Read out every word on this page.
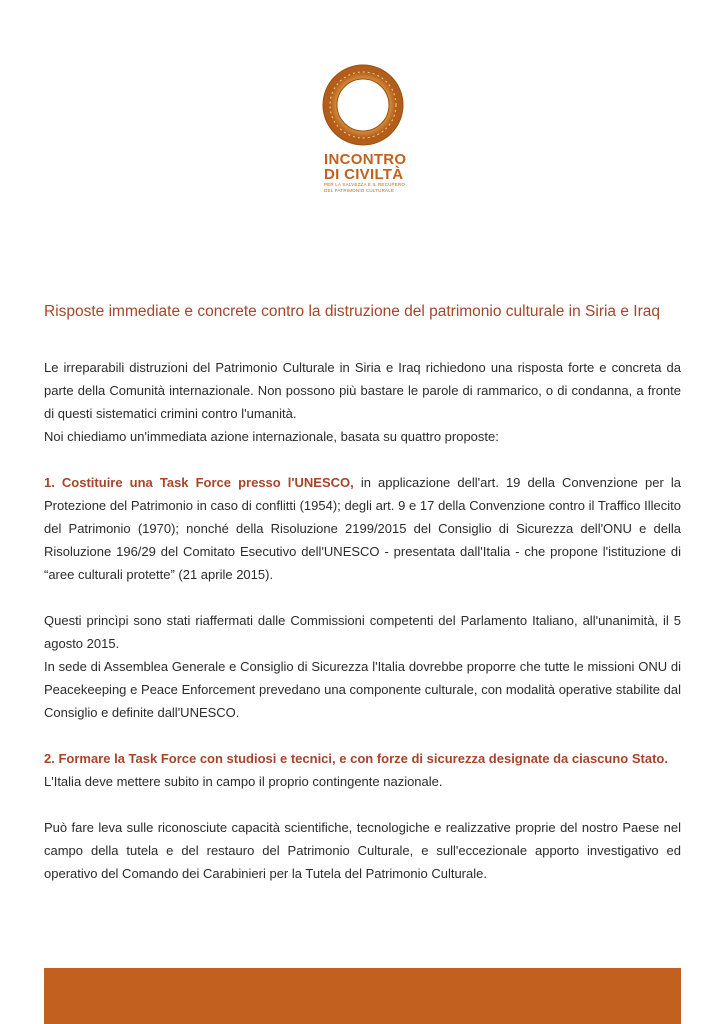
INCONTRO
DI CIVILTÀ
PER LA SALVEZZA E IL RECUPERO
DEL PATRIMONIO CULTURALE
Risposte immediate e concrete contro la distruzione del patrimonio culturale in Siria e Iraq

Le irreparabili distruzioni del Patrimonio Culturale in Siria e Iraq richiedono una risposta forte e concreta da parte della Comunità internazionale. Non possono più bastare le parole di rammarico, o di condanna, a fronte di questi sistematici crimini contro l'umanità.

Noi chiediamo un'immediata azione internazionale, basata su quattro proposte:

1. Costituire una Task Force presso l'UNESCO, in applicazione dell'art. 19 della Convenzione per la Protezione del Patrimonio in caso di conflitti (1954); degli art. 9 e 17 della Convenzione contro il Traffico Illecito del Patrimonio (1970); nonché della Risoluzione 2199/2015 del Consiglio di Sicurezza dell'ONU e della Risoluzione 196/29 del Comitato Esecutivo dell'UNESCO - presentata dall'Italia - che propone l'istituzione di “aree culturali protette” (21 aprile 2015).

Questi princìpi sono stati riaffermati dalle Commissioni competenti del Parlamento Italiano, all'unanimità, il 5 agosto 2015.

In sede di Assemblea Generale e Consiglio di Sicurezza l'Italia dovrebbe proporre che tutte le missioni ONU di Peacekeeping e Peace Enforcement prevedano una componente culturale, con modalità operative stabilite dal Consiglio e definite dall'UNESCO.

2. Formare la Task Force con studiosi e tecnici, e con forze di sicurezza designate da ciascuno Stato.

L'Italia deve mettere subito in campo il proprio contingente nazionale.

Può fare leva sulle riconosciute capacità scientifiche, tecnologiche e realizzative proprie del nostro Paese nel campo della tutela e del restauro del Patrimonio Culturale, e sull'eccezionale apporto investigativo ed operativo del Comando dei Carabinieri per la Tutela del Patrimonio Culturale.
